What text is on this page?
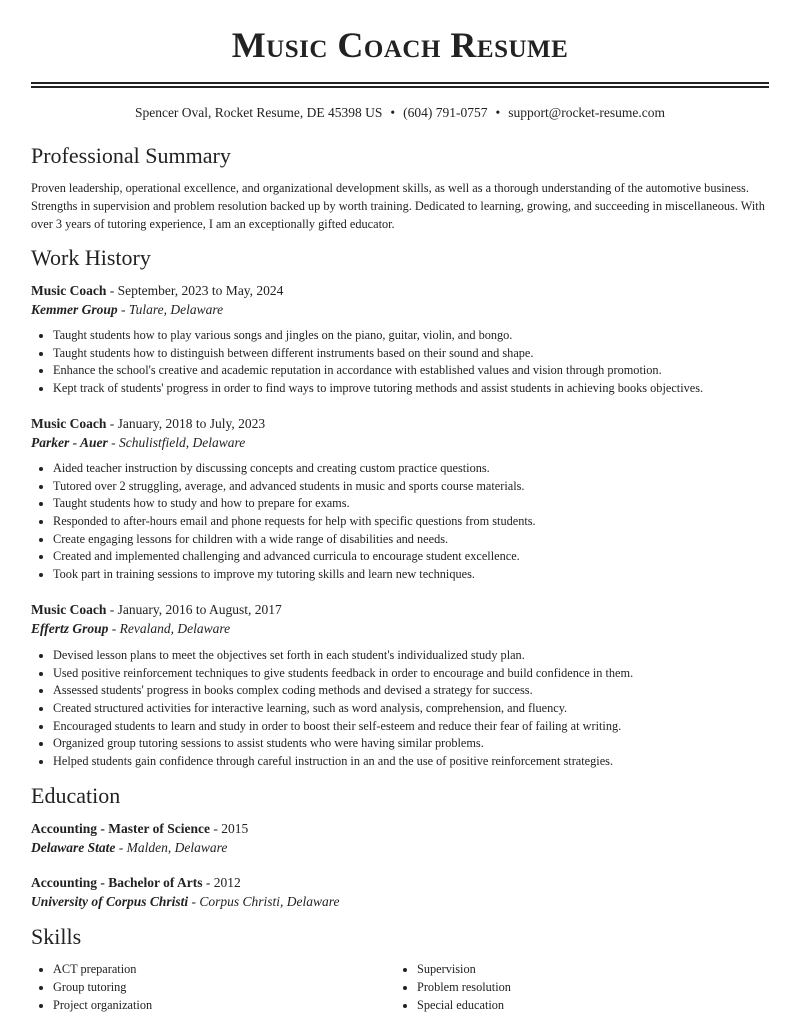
Music Coach Resume
Spencer Oval, Rocket Resume, DE 45398 US • (604) 791-0757 • support@rocket-resume.com
Professional Summary
Proven leadership, operational excellence, and organizational development skills, as well as a thorough understanding of the automotive business. Strengths in supervision and problem resolution backed up by worth training. Dedicated to learning, growing, and succeeding in miscellaneous. With over 3 years of tutoring experience, I am an exceptionally gifted educator.
Work History
Music Coach - September, 2023 to May, 2024
Kemmer Group - Tulare, Delaware
• Taught students how to play various songs and jingles on the piano, guitar, violin, and bongo.
• Taught students how to distinguish between different instruments based on their sound and shape.
• Enhance the school's creative and academic reputation in accordance with established values and vision through promotion.
• Kept track of students' progress in order to find ways to improve tutoring methods and assist students in achieving books objectives.
Music Coach - January, 2018 to July, 2023
Parker - Auer - Schulistfield, Delaware
• Aided teacher instruction by discussing concepts and creating custom practice questions.
• Tutored over 2 struggling, average, and advanced students in music and sports course materials.
• Taught students how to study and how to prepare for exams.
• Responded to after-hours email and phone requests for help with specific questions from students.
• Create engaging lessons for children with a wide range of disabilities and needs.
• Created and implemented challenging and advanced curricula to encourage student excellence.
• Took part in training sessions to improve my tutoring skills and learn new techniques.
Music Coach - January, 2016 to August, 2017
Effertz Group - Revaland, Delaware
• Devised lesson plans to meet the objectives set forth in each student's individualized study plan.
• Used positive reinforcement techniques to give students feedback in order to encourage and build confidence in them.
• Assessed students' progress in books complex coding methods and devised a strategy for success.
• Created structured activities for interactive learning, such as word analysis, comprehension, and fluency.
• Encouraged students to learn and study in order to boost their self-esteem and reduce their fear of failing at writing.
• Organized group tutoring sessions to assist students who were having similar problems.
• Helped students gain confidence through careful instruction in an and the use of positive reinforcement strategies.
Education
Accounting - Master of Science - 2015
Delaware State - Malden, Delaware
Accounting - Bachelor of Arts - 2012
University of Corpus Christi - Corpus Christi, Delaware
Skills
• ACT preparation
• Group tutoring
• Project organization
• Supervision
• Problem resolution
• Special education
